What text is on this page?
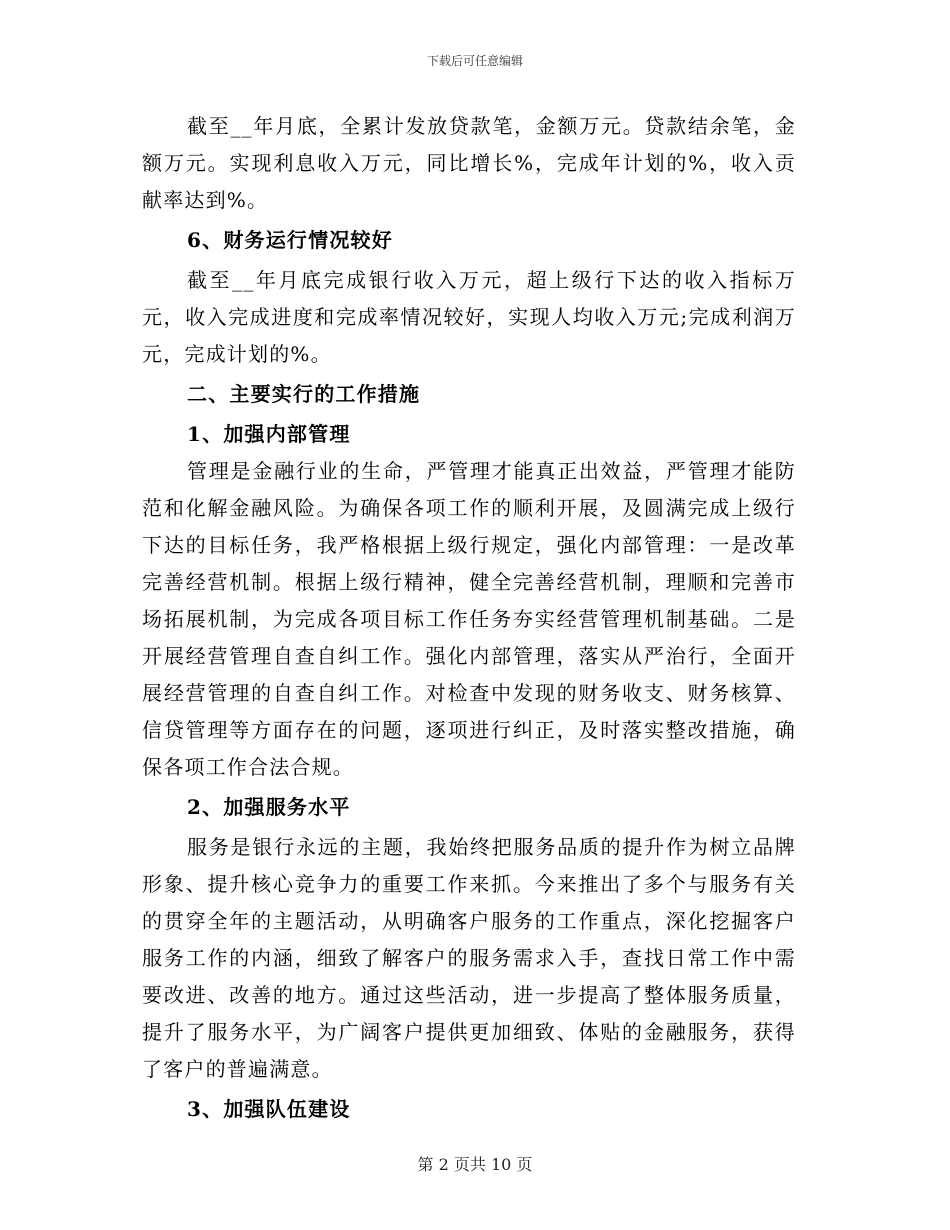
下载后可任意编辑

截至__年月底，全累计发放贷款笔，金额万元。贷款结余笔，金额万元。实现利息收入万元，同比增长%，完成年计划的%，收入贡献率达到%。

6、财务运行情况较好

截至__年月底完成银行收入万元，超上级行下达的收入指标万元，收入完成进度和完成率情况较好，实现人均收入万元;完成利润万元，完成计划的%。

二、主要实行的工作措施

1、加强内部管理

管理是金融行业的生命，严管理才能真正出效益，严管理才能防范和化解金融风险。为确保各项工作的顺利开展，及圆满完成上级行下达的目标任务，我严格根据上级行规定，强化内部管理：一是改革完善经营机制。根据上级行精神，健全完善经营机制，理顺和完善市场拓展机制，为完成各项目标工作任务夯实经营管理机制基础。二是开展经营管理自查自纠工作。强化内部管理，落实从严治行，全面开展经营管理的自查自纠工作。对检查中发现的财务收支、财务核算、信贷管理等方面存在的问题，逐项进行纠正，及时落实整改措施，确保各项工作合法合规。

2、加强服务水平

服务是银行永远的主题，我始终把服务品质的提升作为树立品牌形象、提升核心竞争力的重要工作来抓。今来推出了多个与服务有关的贯穿全年的主题活动，从明确客户服务的工作重点，深化挖掘客户服务工作的内涵，细致了解客户的服务需求入手，查找日常工作中需要改进、改善的地方。通过这些活动，进一步提高了整体服务质量，提升了服务水平，为广阔客户提供更加细致、体贴的金融服务，获得了客户的普遍满意。

3、加强队伍建设

第 2 页共 10 页
